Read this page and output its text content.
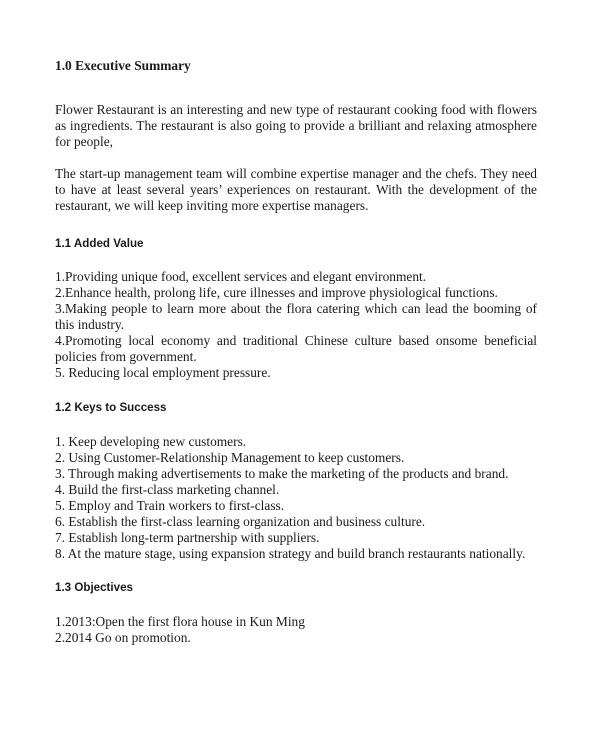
1.0 Executive Summary

Flower Restaurant is an interesting and new type of restaurant cooking food with flowers as ingredients. The restaurant is also going to provide a brilliant and relaxing atmosphere for people,

The start-up management team will combine expertise manager and the chefs. They need to have at least several years’ experiences on restaurant. With the development of the restaurant, we will keep inviting more expertise managers.

1.1 Added Value
1.Providing unique food, excellent services and elegant environment.
2.Enhance health, prolong life, cure illnesses and improve physiological functions.
3.Making people to learn more about the flora catering which can lead the booming of this industry.
4.Promoting local economy and traditional Chinese culture based onsome beneficial policies from government.
5. Reducing local employment pressure.
1.2 Keys to Success
1. Keep developing new customers.
2. Using Customer-Relationship Management to keep customers.
3. Through making advertisements to make the marketing of the products and brand.
4. Build the first-class marketing channel.
5. Employ and Train workers to first-class.
6. Establish the first-class learning organization and business culture.
7. Establish long-term partnership with suppliers.
8. At the mature stage, using expansion strategy and build branch restaurants nationally.
1.3 Objectives
1.2013:Open the first flora house in Kun Ming
2.2014 Go on promotion.
